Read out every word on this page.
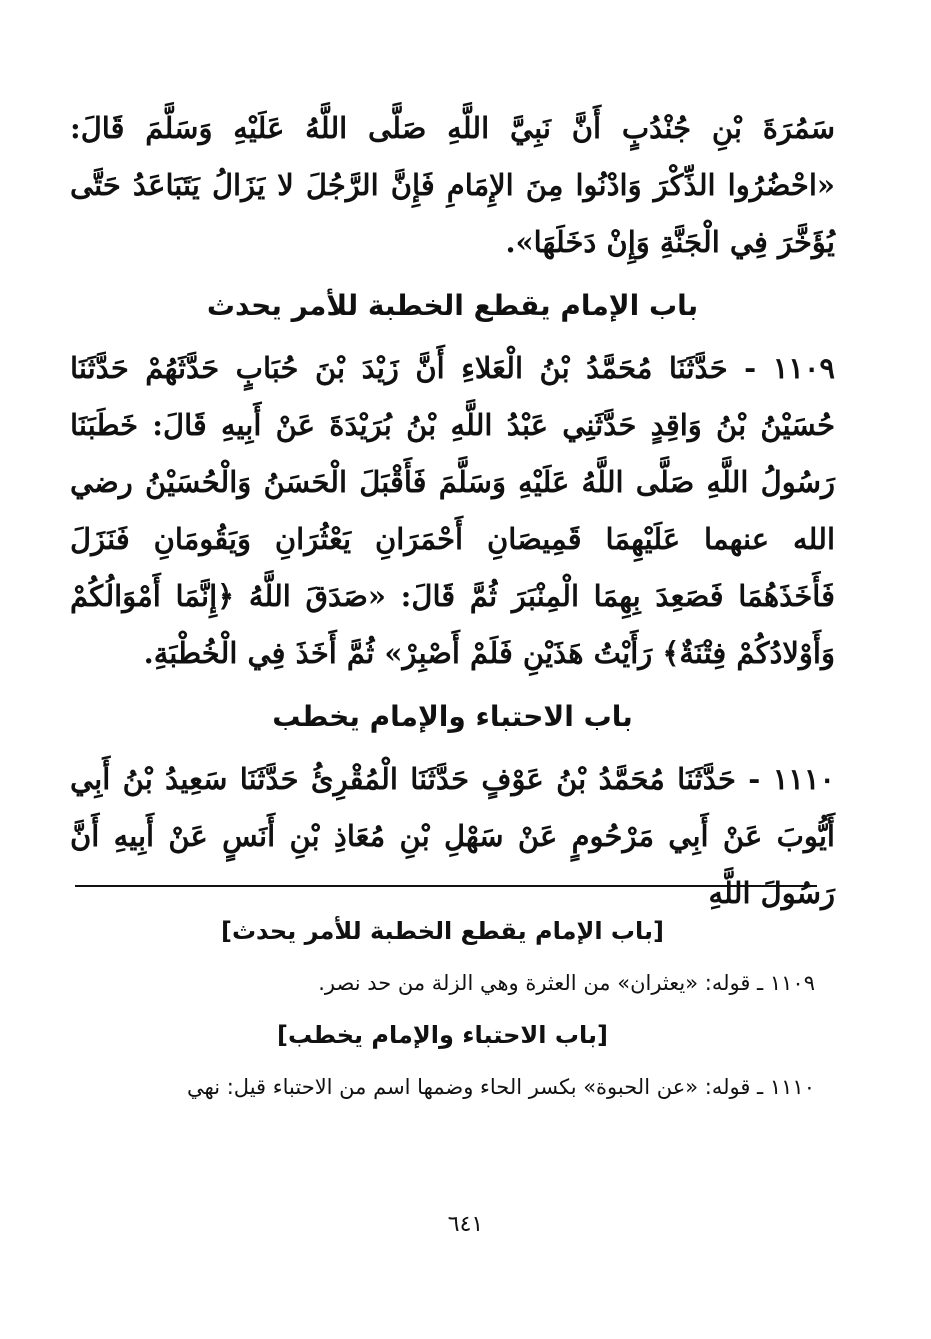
سَمُرَةَ بْنِ جُنْدُبٍ أَنَّ نَبِيَّ اللَّهِ صَلَّى اللَّهُ عَلَيْهِ وَسَلَّمَ قَالَ: «احْضُرُوا الذِّكْرَ وَادْنُوا مِنَ الإِمَامِ فَإِنَّ الرَّجُلَ لا يَزَالُ يَتَبَاعَدُ حَتَّى يُؤَخَّرَ فِي الْجَنَّةِ وَإِنْ دَخَلَهَا».

باب الإمام يقطع الخطبة للأمر يحدث

١١٠٩ - حَدَّثَنَا مُحَمَّدُ بْنُ الْعَلاءِ أَنَّ زَيْدَ بْنَ حُبَابٍ حَدَّثَهُمْ حَدَّثَنَا حُسَيْنُ بْنُ وَاقِدٍ حَدَّثَنِي عَبْدُ اللَّهِ بْنُ بُرَيْدَةَ عَنْ أَبِيهِ قَالَ: خَطَبَنَا رَسُولُ اللَّهِ صَلَّى اللَّهُ عَلَيْهِ وَسَلَّمَ فَأَقْبَلَ الْحَسَنُ وَالْحُسَيْنُ رضي الله عنهما عَلَيْهِمَا قَمِيصَانِ أَحْمَرَانِ يَعْثُرَانِ وَيَقُومَانِ فَنَزَلَ فَأَخَذَهُمَا فَصَعِدَ بِهِمَا الْمِنْبَرَ ثُمَّ قَالَ: «صَدَقَ اللَّهُ ﴿إِنَّمَا أَمْوَالُكُمْ وَأَوْلادُكُمْ فِتْنَةٌ﴾ رَأَيْتُ هَذَيْنِ فَلَمْ أَصْبِرْ» ثُمَّ أَخَذَ فِي الْخُطْبَةِ.

باب الاحتباء والإمام يخطب

١١١٠ - حَدَّثَنَا مُحَمَّدُ بْنُ عَوْفٍ حَدَّثَنَا الْمُقْرِئُ حَدَّثَنَا سَعِيدُ بْنُ أَبِي أَيُّوبَ عَنْ أَبِي مَرْحُومٍ عَنْ سَهْلِ بْنِ مُعَاذِ بْنِ أَنَسٍ عَنْ أَبِيهِ أَنَّ رَسُولَ اللَّهِ

[باب الإمام يقطع الخطبة للأمر يحدث]

١١٠٩ ـ قوله: «يعثران» من العثرة وهي الزلة من حد نصر.

[باب الاحتباء والإمام يخطب]

١١١٠ ـ قوله: «عن الحبوة» بكسر الحاء وضمها اسم من الاحتباء قيل: نهي

٦٤١
